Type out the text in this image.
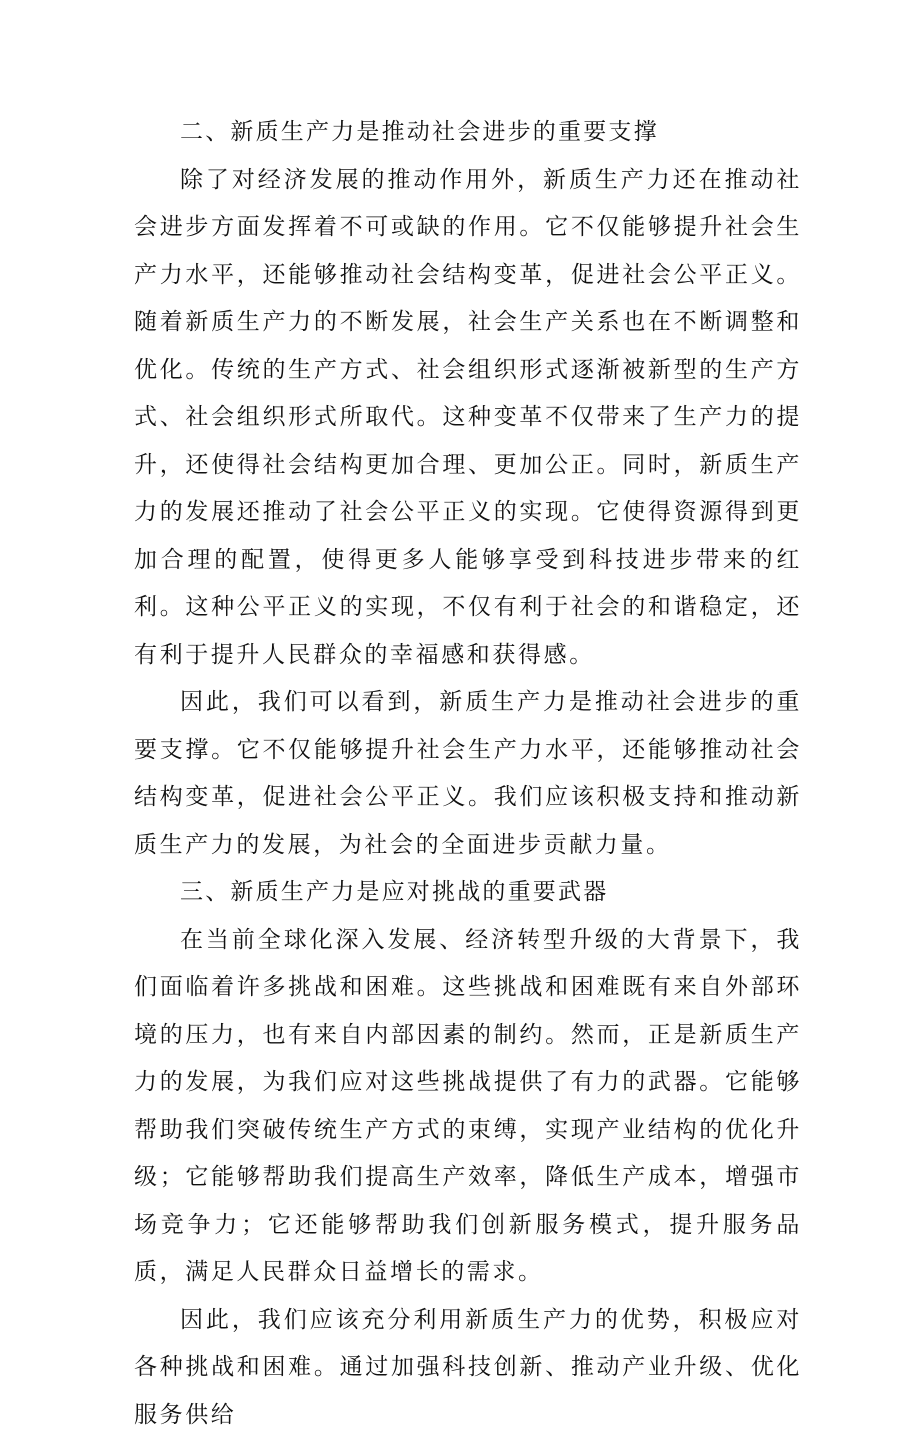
二、新质生产力是推动社会进步的重要支撑

除了对经济发展的推动作用外，新质生产力还在推动社会进步方面发挥着不可或缺的作用。它不仅能够提升社会生产力水平，还能够推动社会结构变革，促进社会公平正义。随着新质生产力的不断发展，社会生产关系也在不断调整和优化。传统的生产方式、社会组织形式逐渐被新型的生产方式、社会组织形式所取代。这种变革不仅带来了生产力的提升，还使得社会结构更加合理、更加公正。同时，新质生产力的发展还推动了社会公平正义的实现。它使得资源得到更加合理的配置，使得更多人能够享受到科技进步带来的红利。这种公平正义的实现，不仅有利于社会的和谐稳定，还有利于提升人民群众的幸福感和获得感。

因此，我们可以看到，新质生产力是推动社会进步的重要支撑。它不仅能够提升社会生产力水平，还能够推动社会结构变革，促进社会公平正义。我们应该积极支持和推动新质生产力的发展，为社会的全面进步贡献力量。

三、新质生产力是应对挑战的重要武器

在当前全球化深入发展、经济转型升级的大背景下，我们面临着许多挑战和困难。这些挑战和困难既有来自外部环境的压力，也有来自内部因素的制约。然而，正是新质生产力的发展，为我们应对这些挑战提供了有力的武器。它能够帮助我们突破传统生产方式的束缚，实现产业结构的优化升级；它能够帮助我们提高生产效率，降低生产成本，增强市场竞争力；它还能够帮助我们创新服务模式，提升服务品质，满足人民群众日益增长的需求。

因此，我们应该充分利用新质生产力的优势，积极应对各种挑战和困难。通过加强科技创新、推动产业升级、优化服务供给
